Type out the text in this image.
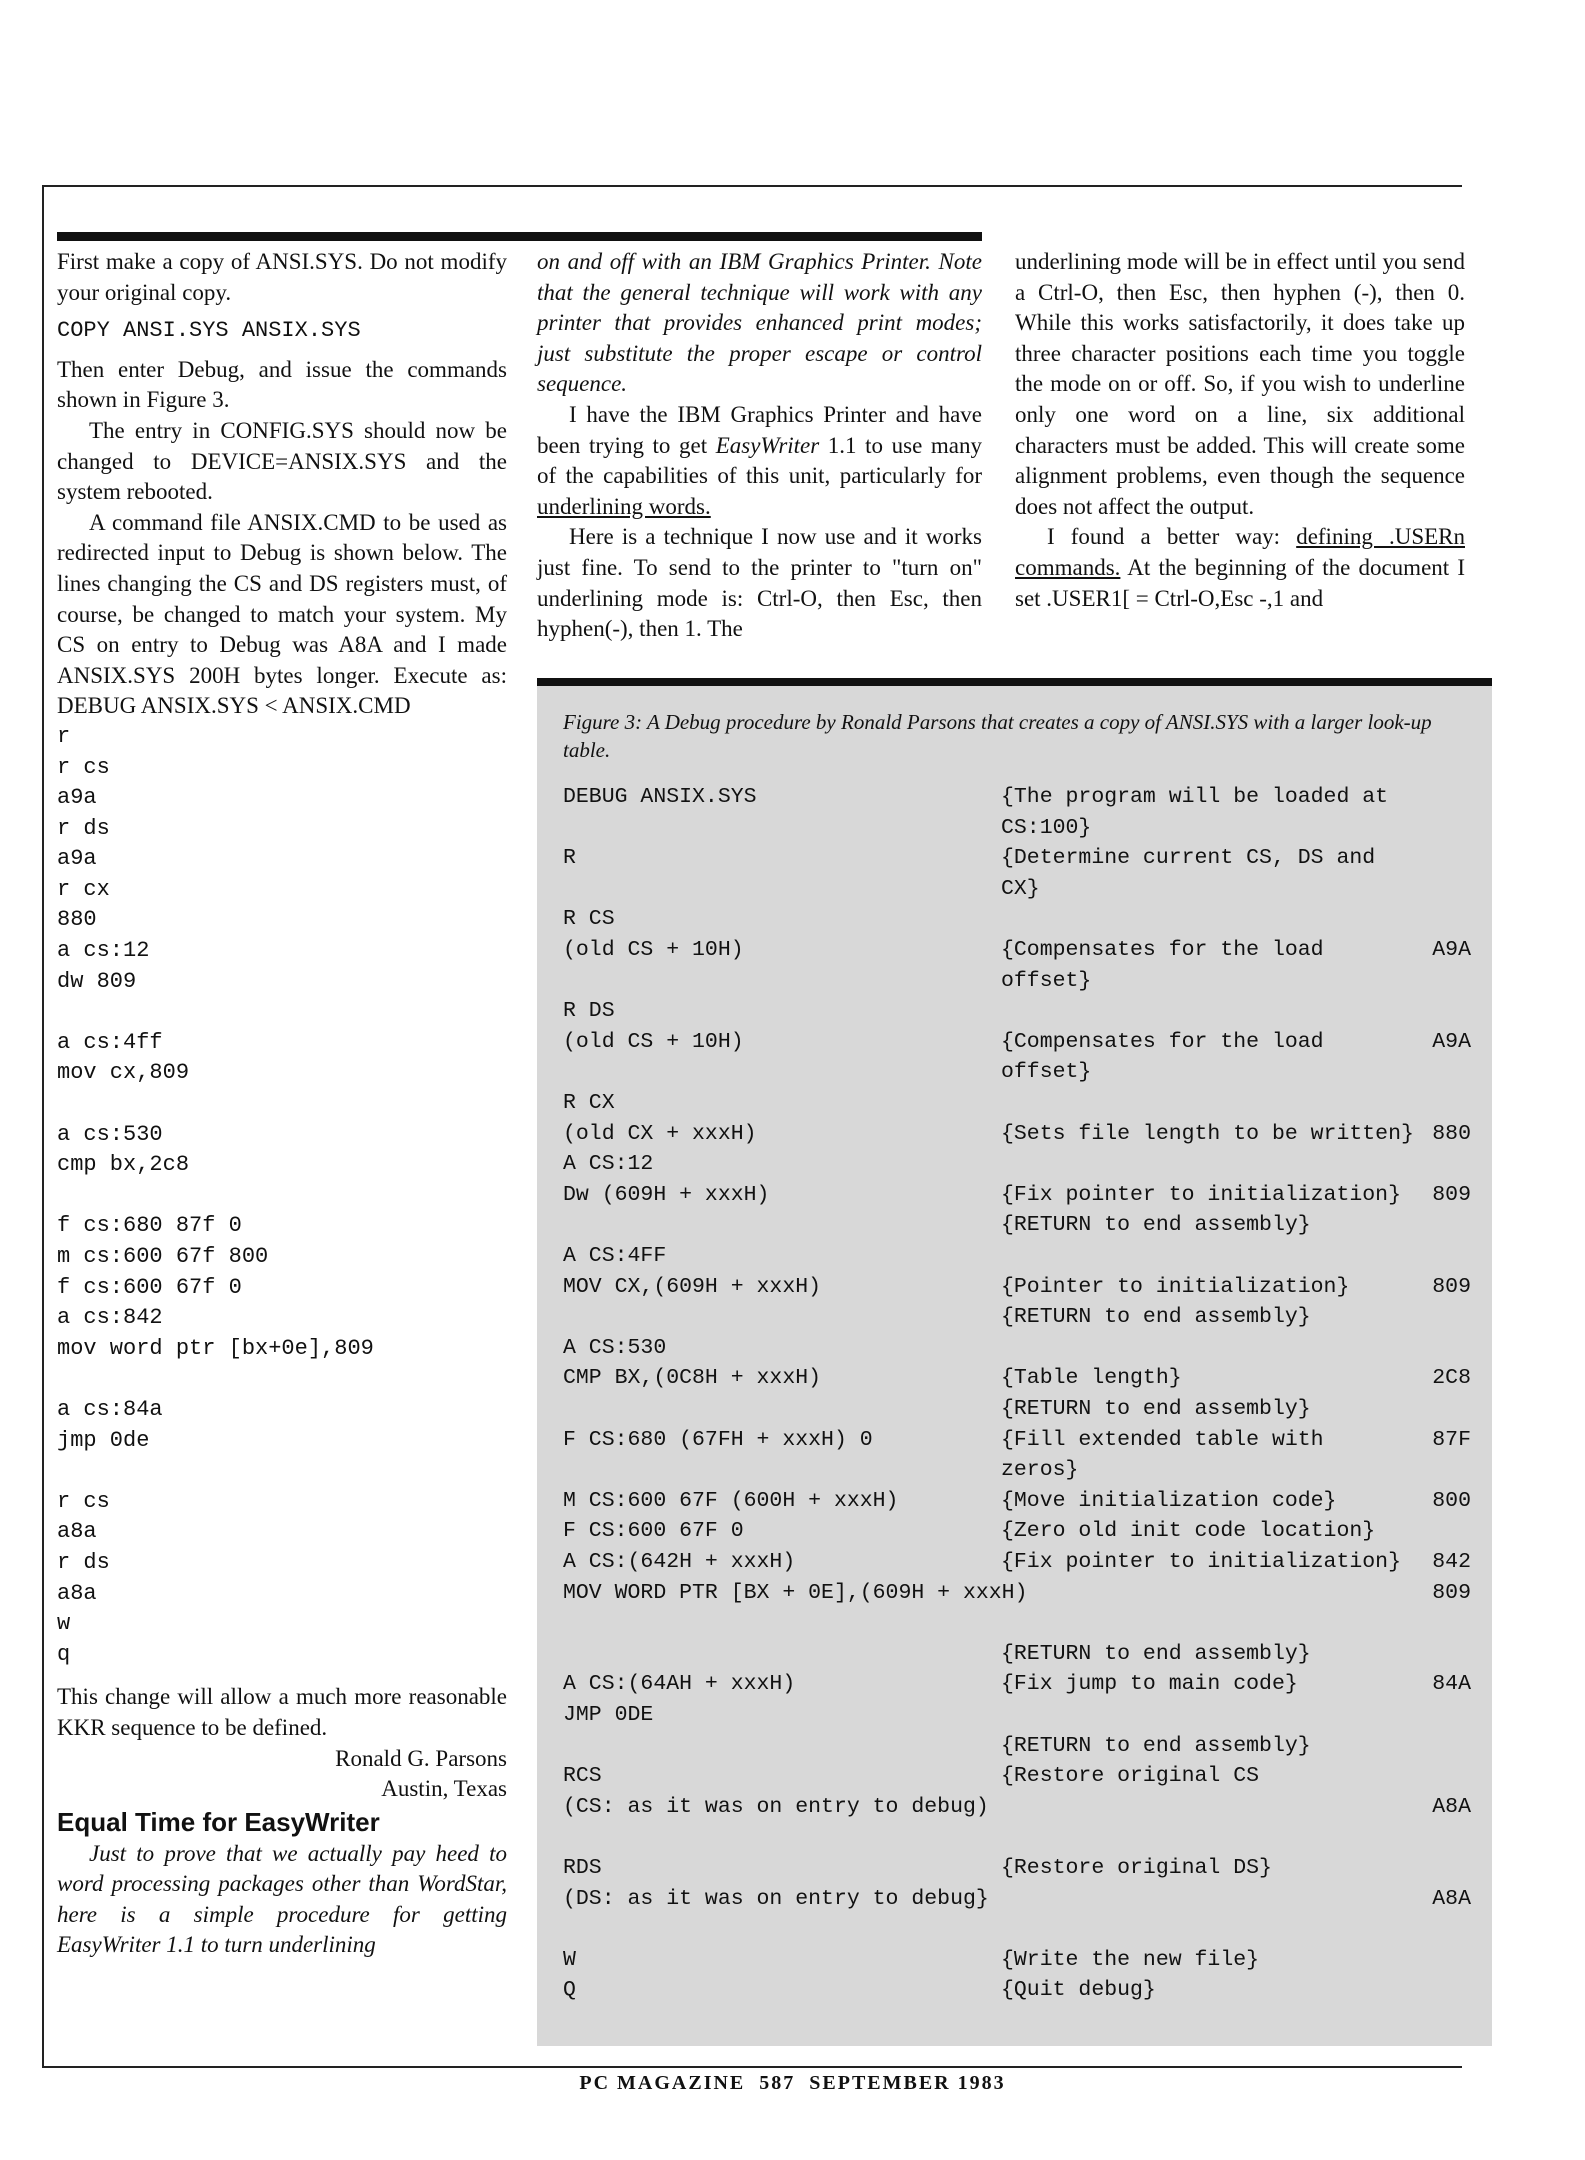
First make a copy of ANSI.SYS. Do not modify your original copy.

COPY ANSI.SYS ANSIX.SYS

Then enter Debug, and issue the commands shown in Figure 3.

The entry in CONFIG.SYS should now be changed to DEVICE=ANSIX.SYS and the system rebooted.

A command file ANSIX.CMD to be used as redirected input to Debug is shown below. The lines changing the CS and DS registers must, of course, be changed to match your system. My CS on entry to Debug was A8A and I made ANSIX.SYS 200H bytes longer. Execute as: DEBUG ANSIX.SYS < ANSIX.CMD

r
r cs
a9a
r ds
a9a
r cx
880
a cs:12
dw 809
a cs:4ff
mov cx,809
a cs:530
cmp bx,2c8
f cs:680 87f 0
m cs:600 67f 800
f cs:600 67f 0
a cs:842
mov word ptr [bx+0e],809
a cs:84a
jmp 0de
r cs
a8a
r ds
a8a
w
q

This change will allow a much more reasonable KKR sequence to be defined.

Ronald G. Parsons

Austin, Texas

Equal Time for EasyWriter

Just to prove that we actually pay heed to word processing packages other than WordStar, here is a simple procedure for getting EasyWriter 1.1 to turn underlining

on and off with an IBM Graphics Printer. Note that the general technique will work with any printer that provides enhanced print modes; just substitute the proper escape or control sequence.

I have the IBM Graphics Printer and have been trying to get EasyWriter 1.1 to use many of the capabilities of this unit, particularly for underlining words.

Here is a technique I now use and it works just fine. To send to the printer to "turn on" underlining mode is: Ctrl-O, then Esc, then hyphen(-), then 1. The

underlining mode will be in effect until you send a Ctrl-O, then Esc, then hyphen (-), then 0. While this works satisfactorily, it does take up three character positions each time you toggle the mode on or off. So, if you wish to underline only one word on a line, six additional characters must be added. This will create some alignment problems, even though the sequence does not affect the output.

I found a better way: defining .USERn commands. At the beginning of the document I set .USER1[ = Ctrl-O,Esc -,1 and

Figure 3: A Debug procedure by Ronald Parsons that creates a copy of ANSI.SYS with a larger look-up table.
DEBUG ANSIX.SYS	{The program will be loaded at
CS:100}
R	{Determine current CS, DS and
CX}
R CS
(old CS + 10H)	{Compensates for the load	A9A
offset}
R DS
(old CS + 10H)	{Compensates for the load	A9A
offset}
R CX
(old CX + xxxH)	{Sets file length to be written} 880
A CS:12
Dw (609H + xxxH)	{Fix pointer to initialization} 809
{RETURN to end assembly}
A CS:4FF
MOV CX,(609H + xxxH)	{Pointer to initialization}	809
{RETURN to end assembly}
A CS:530
CMP BX,(0C8H + xxxH)	{Table length}	2C8
{RETURN to end assembly}
F CS:680 (67FH + xxxH) 0	{Fill extended table with	87F
zeros}
M CS:600 67F (600H + xxxH)	{Move initialization code}	800
F CS:600 67F 0	{Zero old init code location}
A CS:(642H + xxxH)	{Fix pointer to initialization} 842
MOV WORD PTR [BX + 0E],(609H + xxxH)	809
{RETURN to end assembly}
A CS:(64AH + xxxH)	{Fix jump to main code}	84A
JMP 0DE
{RETURN to end assembly}
RCS	{Restore original CS
(CS: as it was on entry to debug)	A8A
RDS	{Restore original DS}
(DS: as it was on entry to debug}	A8A
W	{Write the new file}
Q	{Quit debug}
PC MAGAZINE 587 SEPTEMBER 1983
